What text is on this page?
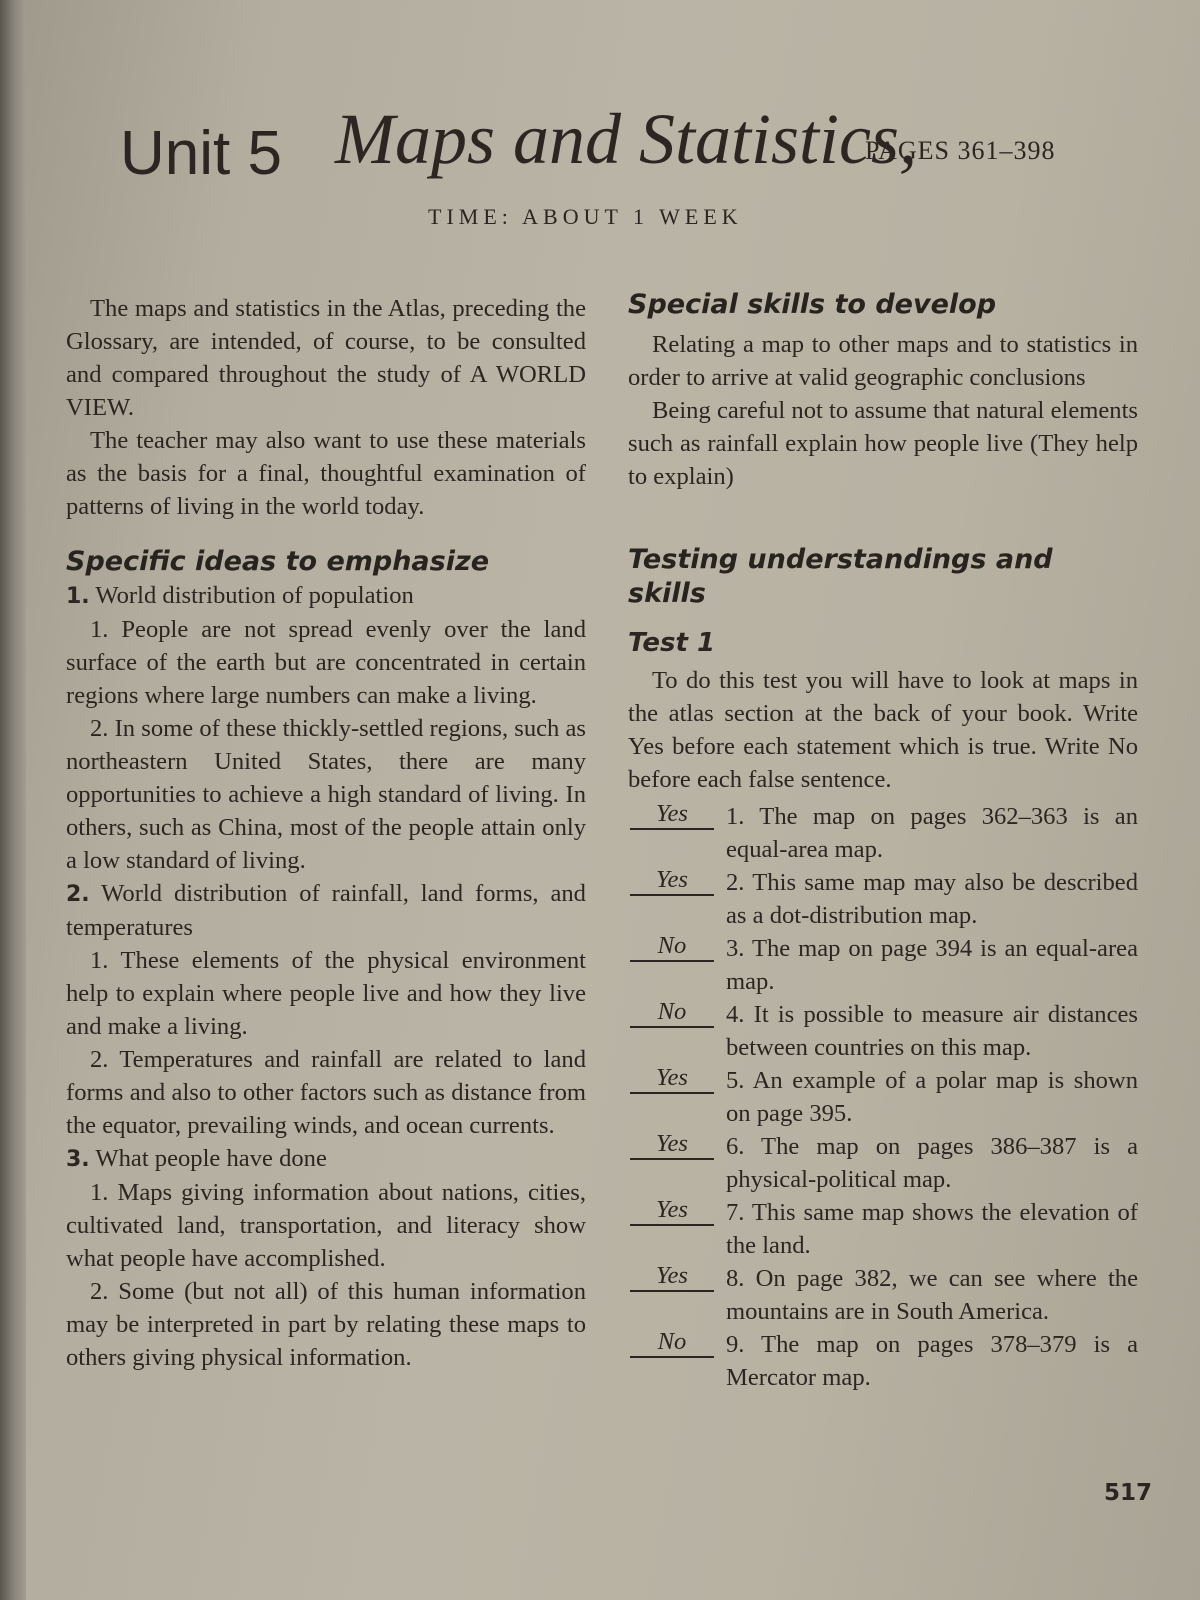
Unit 5 Maps and Statistics,
PAGES 361–398
TIME: ABOUT 1 WEEK

The maps and statistics in the Atlas, preceding the Glossary, are intended, of course, to be consulted and compared throughout the study of A WORLD VIEW.

The teacher may also want to use these materials as the basis for a final, thoughtful examination of patterns of living in the world today.

Specific ideas to emphasize

1. World distribution of population

1. People are not spread evenly over the land surface of the earth but are concentrated in certain regions where large numbers can make a living.

2. In some of these thickly-settled regions, such as northeastern United States, there are many opportunities to achieve a high standard of living. In others, such as China, most of the people attain only a low standard of living.

2. World distribution of rainfall, land forms, and temperatures

1. These elements of the physical environment help to explain where people live and how they live and make a living.

2. Temperatures and rainfall are related to land forms and also to other factors such as distance from the equator, prevailing winds, and ocean currents.

3. What people have done

1. Maps giving information about nations, cities, cultivated land, transportation, and literacy show what people have accomplished.

2. Some (but not all) of this human information may be interpreted in part by relating these maps to others giving physical information.

Special skills to develop

Relating a map to other maps and to statistics in order to arrive at valid geographic conclusions

Being careful not to assume that natural elements such as rainfall explain how people live (They help to explain)

Testing understandings and skills

Test 1

To do this test you will have to look at maps in the atlas section at the back of your book. Write Yes before each statement which is true. Write No before each false sentence.

Yes	1. The map on pages 362–363 is an equal-area map.

Yes	2. This same map may also be described as a dot-distribution map.

No	3. The map on page 394 is an equal-area map.

No	4. It is possible to measure air distances between countries on this map.

Yes	5. An example of a polar map is shown on page 395.

Yes	6. The map on pages 386–387 is a physical-political map.

Yes	7. This same map shows the elevation of the land.

Yes	8. On page 382, we can see where the mountains are in South America.

No	9. The map on pages 378–379 is a Mercator map.

517
